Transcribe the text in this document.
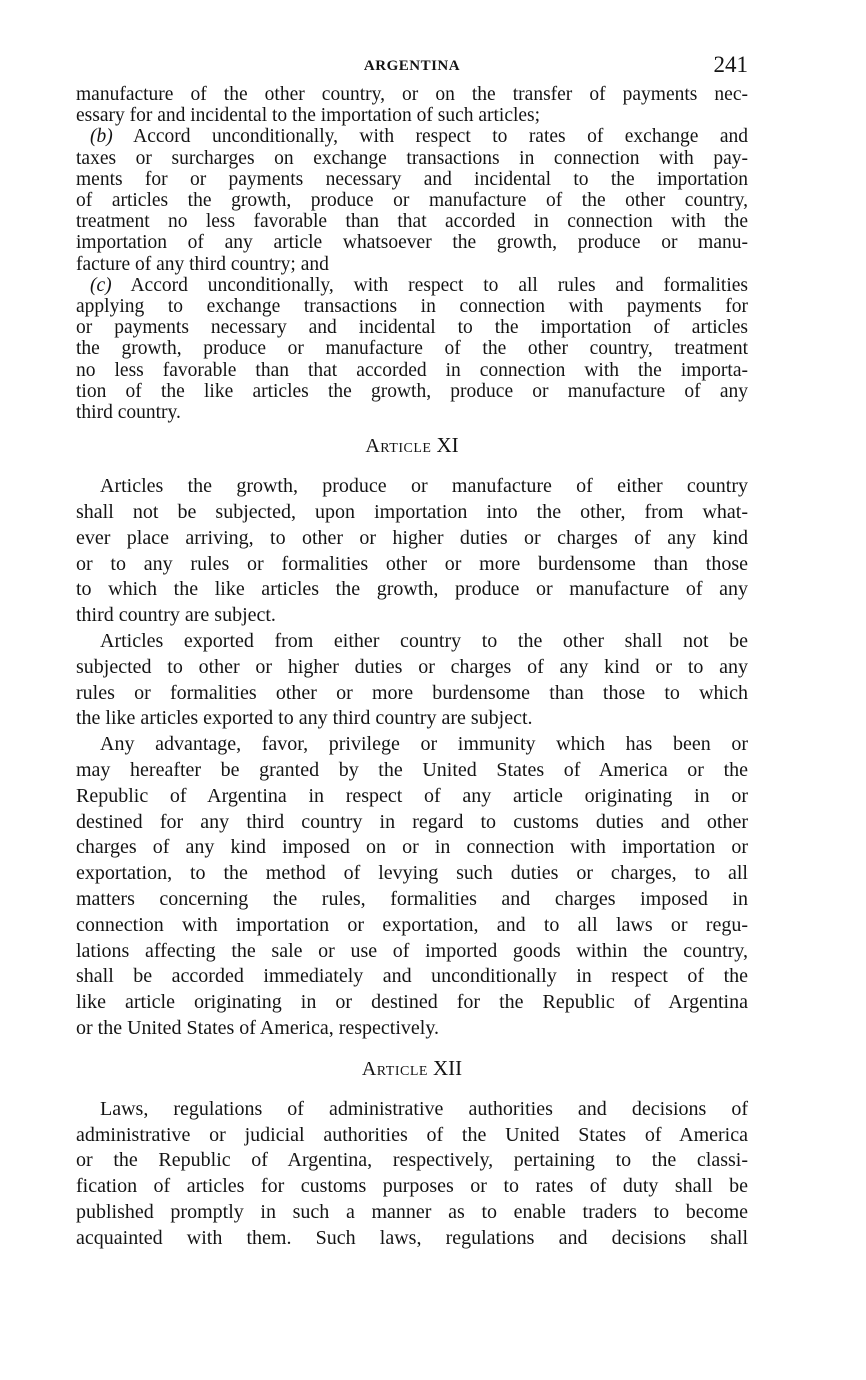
ARGENTINA	241

manufacture of the other country, or on the transfer of payments nec-

essary for and incidental to the importation of such articles;

(b) Accord unconditionally, with respect to rates of exchange and

taxes or surcharges on exchange transactions in connection with pay-

ments for or payments necessary and incidental to the importation

of articles the growth, produce or manufacture of the other country,

treatment no less favorable than that accorded in connection with the

importation of any article whatsoever the growth, produce or manu-

facture of any third country; and

(c) Accord unconditionally, with respect to all rules and formalities

applying to exchange transactions in connection with payments for

or payments necessary and incidental to the importation of articles

the growth, produce or manufacture of the other country, treatment

no less favorable than that accorded in connection with the importa-

tion of the like articles the growth, produce or manufacture of any

third country.

Article XI

Articles the growth, produce or manufacture of either country

shall not be subjected, upon importation into the other, from what-

ever place arriving, to other or higher duties or charges of any kind

or to any rules or formalities other or more burdensome than those

to which the like articles the growth, produce or manufacture of any

third country are subject.

Articles exported from either country to the other shall not be

subjected to other or higher duties or charges of any kind or to any

rules or formalities other or more burdensome than those to which

the like articles exported to any third country are subject.

Any advantage, favor, privilege or immunity which has been or

may hereafter be granted by the United States of America or the

Republic of Argentina in respect of any article originating in or

destined for any third country in regard to customs duties and other

charges of any kind imposed on or in connection with importation or

exportation, to the method of levying such duties or charges, to all

matters concerning the rules, formalities and charges imposed in

connection with importation or exportation, and to all laws or regu-

lations affecting the sale or use of imported goods within the country,

shall be accorded immediately and unconditionally in respect of the

like article originating in or destined for the Republic of Argentina

or the United States of America, respectively.

Article XII

Laws, regulations of administrative authorities and decisions of

administrative or judicial authorities of the United States of America

or the Republic of Argentina, respectively, pertaining to the classi-

fication of articles for customs purposes or to rates of duty shall be

published promptly in such a manner as to enable traders to become

acquainted with them. Such laws, regulations and decisions shall
